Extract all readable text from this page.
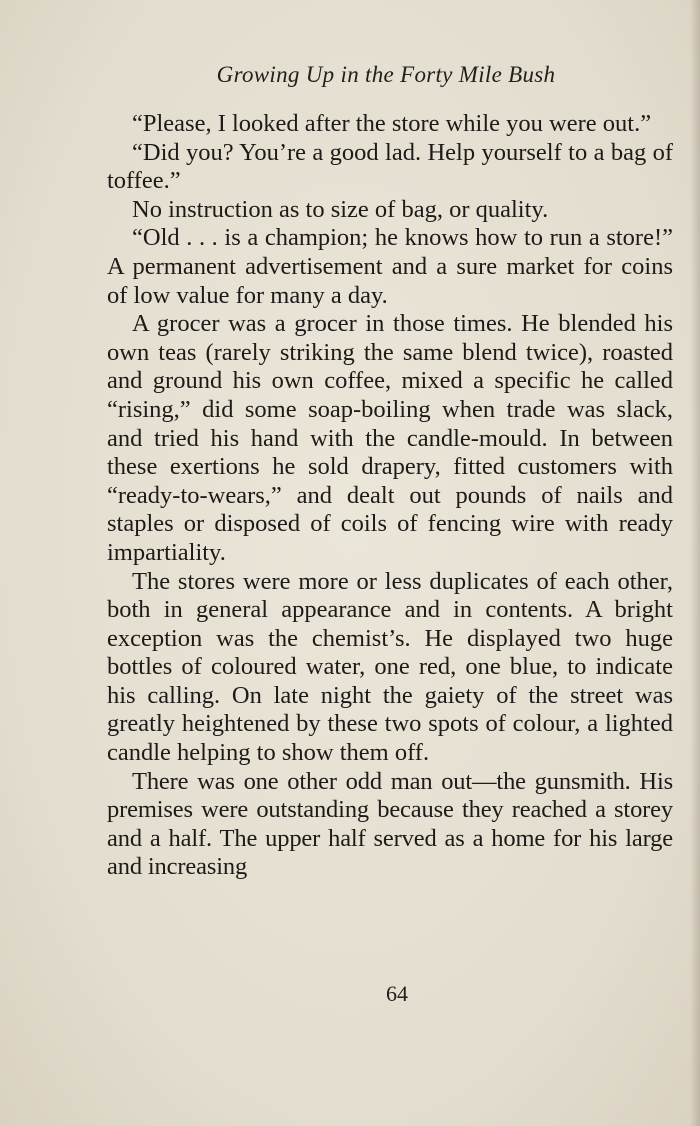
Growing Up in the Forty Mile Bush

“Please, I looked after the store while you were out.”

“Did you? You’re a good lad. Help yourself to a bag of toffee.”

No instruction as to size of bag, or quality.

“Old . . . is a champion; he knows how to run a store!” A permanent advertisement and a sure market for coins of low value for many a day.

A grocer was a grocer in those times. He blended his own teas (rarely striking the same blend twice), roasted and ground his own coffee, mixed a specific he called “rising,” did some soap-boiling when trade was slack, and tried his hand with the candle-mould. In between these exertions he sold drapery, fitted customers with “ready-to-wears,” and dealt out pounds of nails and staples or disposed of coils of fencing wire with ready impartiality.

The stores were more or less duplicates of each other, both in general appearance and in contents. A bright exception was the chemist’s. He displayed two huge bottles of coloured water, one red, one blue, to indicate his calling. On late night the gaiety of the street was greatly heightened by these two spots of colour, a lighted candle helping to show them off.

There was one other odd man out—the gunsmith. His premises were outstanding because they reached a storey and a half. The upper half served as a home for his large and increasing

64
